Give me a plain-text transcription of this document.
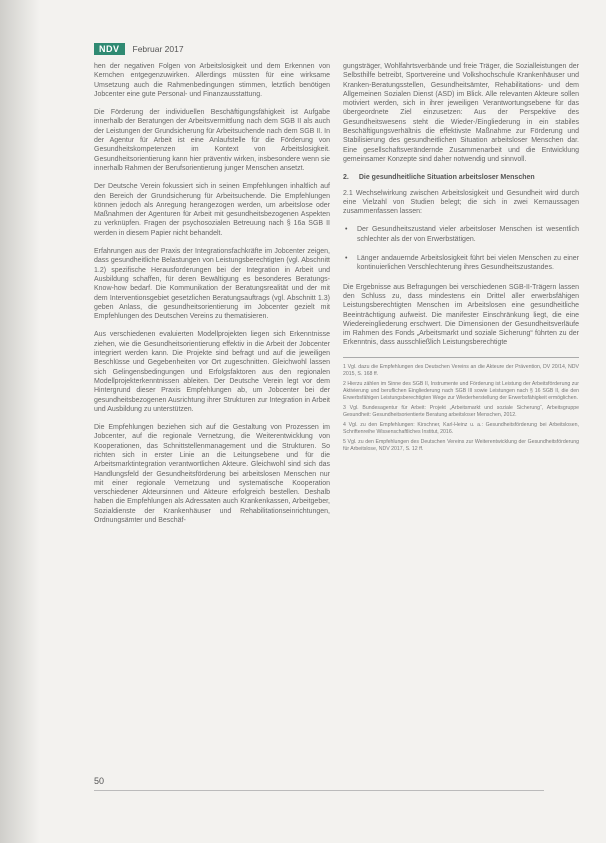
NDV	Februar 2017

hen der negativen Folgen von Arbeitslosigkeit und dem Erkennen von Kernchen entgegenzuwirken. Allerdings müssten für eine wirksame Umsetzung auch die Rahmenbedingungen stimmen, letztlich benötigen Jobcenter eine gute Personal- und Finanzausstattung.

Die Förderung der individuellen Beschäftigungsfähigkeit ist Aufgabe innerhalb der Beratungen der Arbeitsvermittlung nach dem SGB II als auch der Leistungen der Grundsicherung für Arbeitsuchende nach dem SGB II. In der Agentur für Arbeit ist eine Anlaufstelle für die Förderung von Gesundheitskompetenzen im Kontext von Arbeitslosigkeit. Gesundheitsorientierung kann hier präventiv wirken, insbesondere wenn sie innerhalb Rahmen der Berufsorientierung junger Menschen ansetzt.

Der Deutsche Verein fokussiert sich in seinen Empfehlungen inhaltlich auf den Bereich der Grundsicherung für Arbeitsuchende. Die Empfehlungen können jedoch als Anregung herangezogen werden, um arbeitslose oder Maßnahmen der Agenturen für Arbeit mit gesundheitsbezogenen Aspekten zu verknüpfen. Fragen der psychosozialen Betreuung nach § 16a SGB II werden in diesem Papier nicht behandelt.

Erfahrungen aus der Praxis der Integrationsfachkräfte im Jobcenter zeigen, dass gesundheitliche Belastungen von Leistungsberechtigten (vgl. Abschnitt 1.2) spezifische Herausforderungen bei der Integration in Arbeit und Ausbildung schaffen, für deren Bewältigung es besonderes Beratungs-Know-how bedarf. Die Kommunikation der Beratungsrealität und der mit dem Interventionsgebiet gesetzlichen Beratungsauftrags (vgl. Abschnitt 1.3) geben Anlass, die gesundheitsorientierung im Jobcenter gezielt mit Empfehlungen des Deutschen Vereins zu thematisieren.

Aus verschiedenen evaluierten Modellprojekten liegen sich Erkenntnisse ziehen, wie die Gesundheitsorientierung effektiv in die Arbeit der Jobcenter integriert werden kann. Die Projekte sind befragt und auf die jeweiligen Beschlüsse und Gegebenheiten vor Ort zugeschnitten. Gleichwohl lassen sich Gelingensbedingungen und Erfolgsfaktoren aus den regionalen Modellprojekterkenntnissen ableiten. Der Deutsche Verein legt vor dem Hintergrund dieser Praxis Empfehlungen ab, um Jobcenter bei der gesundheitsbezogenen Ausrichtung ihrer Strukturen zur Integration in Arbeit und Ausbildung zu unterstützen.

Die Empfehlungen beziehen sich auf die Gestaltung von Prozessen im Jobcenter, auf die regionale Vernetzung, die Weiterentwicklung von Kooperationen, das Schnittstellenmanagement und die Strukturen. So richten sich in erster Linie an die Leitungsebene und für die Arbeitsmarktintegration verantwortlichen Akteure. Gleichwohl sind sich das Handlungsfeld der Gesundheitsförderung bei arbeitslosen Menschen nur mit einer regionale Vernetzung und systematische Kooperation verschiedener Akteursinnen und Akteure erfolgreich bestellen. Deshalb haben die Empfehlungen als Adressaten auch Krankenkassen, Arbeitgeber, Sozialdienste der Krankenhäuser und Rehabilitationseinrichtungen, Ordnungsämter und Beschäf-

gungsträger, Wohlfahrtsverbände und freie Träger, die Sozialleistungen der Selbsthilfe betreibt, Sportvereine und Volkshochschule Krankenhäuser und Kranken-Beratungsstellen, Gesundheitsämter, Rehabilitations- und dem Allgemeinen Sozialen Dienst (ASD) im Blick. Alle relevanten Akteure sollen motiviert werden, sich in ihrer jeweiligen Verantwortungsebene für das übergeordnete Ziel einzusetzen: Aus der Perspektive des Gesundheitswesens steht die Wieder-/Eingliederung in ein stabiles Beschäftigungsverhältnis die effektivste Maßnahme zur Förderung und Stabilisierung des gesundheitlichen Situation arbeitsloser Menschen dar. Eine gesellschaftsverändernde Zusammenarbeit und die Entwicklung gemeinsamer Konzepte sind daher notwendig und sinnvoll.

2. Die gesundheitliche Situation arbeitsloser Menschen

2.1 Wechselwirkung zwischen Arbeitslosigkeit und Gesundheit wird durch eine Vielzahl von Studien belegt; die sich in zwei Kernaussagen zusammenfassen lassen:

• Der Gesundheitszustand vieler arbeitsloser Menschen ist wesentlich schlechter als der von Erwerbstätigen.
• Länger andauernde Arbeitslosigkeit führt bei vielen Menschen zu einer kontinuierlichen Verschlechterung ihres Gesundheitszustandes.

Die Ergebnisse aus Befragungen bei verschiedenen SGB-II-Trägern lassen den Schluss zu, dass mindestens ein Drittel aller erwerbsfähigen Leistungsberechtigten Menschen im Arbeitslosen eine gesundheitliche Beeinträchtigung aufweist. Die manifester Einschränkung liegt, die eine Wiedereingliederung erschwert. Die Dimensionen der Gesundheitsverläufe im Rahmen des Fonds „Arbeitsmarkt und soziale Sicherung“ führten zu der Erkenntnis, dass ausschließlich Leistungsberechtigte

1 Vgl. dazu die Empfehlungen des Deutschen Vereins an die Akteure der Prävention, DV 20/14, NDV 2015, S. 168 ff.
2 Hierzu zählen im Sinne des SGB II, Instrumente und Förderung ist Leistung der Arbeitsförderung zur Aktivierung und beruflichen Eingliederung nach SGB III sowie Leistungen nach § 16 SGB II, die den Erwerbsfähigen Leistungsberechtigten Wege zur Wiederherstellung der Erwerbsfähigkeit ermöglichen.
3 Vgl. Bundesagentur für Arbeit: Projekt „Arbeitsmarkt und soziale Sicherung“, Arbeitsgruppe Gesundheit: Gesundheitsorientierte Beratung arbeitsloser Menschen, 2012.
4 Vgl. zu den Empfehlungen: Kirschner, Karl-Heinz u. a.: Gesundheitsförderung bei Arbeitslosen, Schriftenreihe Wissenschaftliches Institut, 2016.
5 Vgl. zu den Empfehlungen des Deutschen Vereins zur Weiterentwicklung der Gesundheitsförderung für Arbeitslose, NDV 2017, S. 12 ff.
50
